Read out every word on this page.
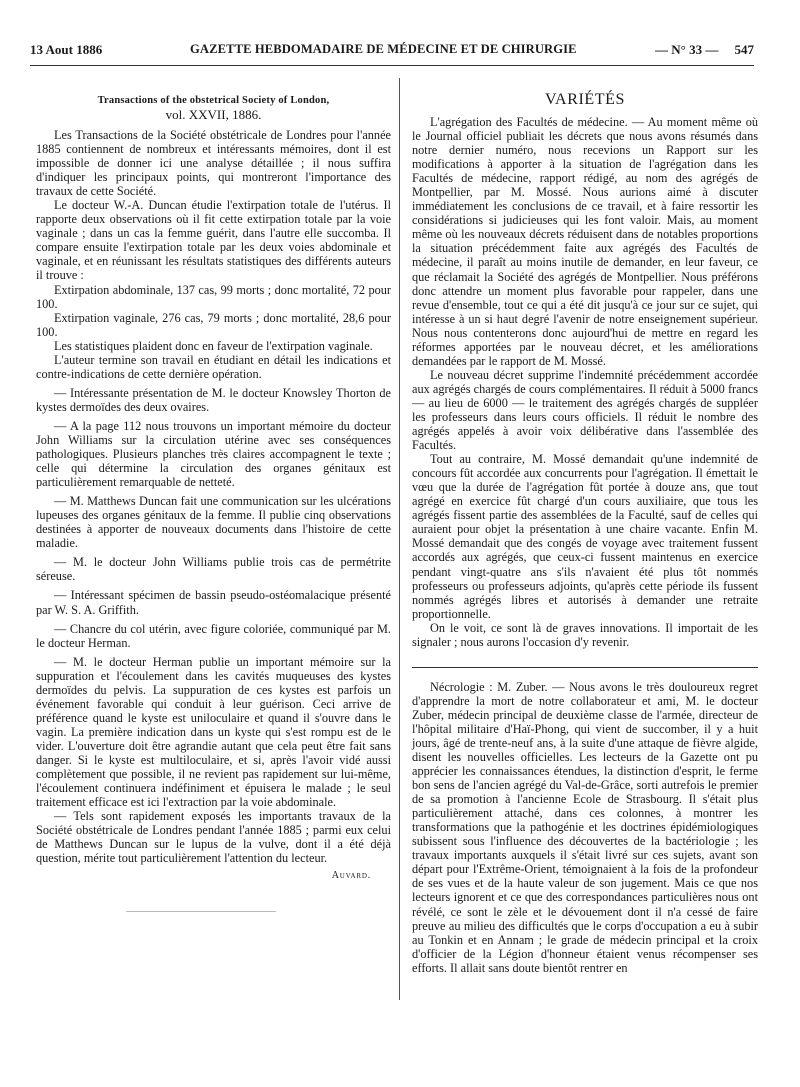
13 Aout 1886	GAZETTE HEBDOMADAIRE DE MÉDECINE ET DE CHIRURGIE	— N° 33 — 547
Transactions of the obstetrical Society of London,
vol. XXVII, 1886.

Les Transactions de la Société obstétricale de Londres pour l'année 1885 contiennent de nombreux et intéressants mémoires, dont il est impossible de donner ici une analyse détaillée ; il nous suffira d'indiquer les principaux points, qui montreront l'importance des travaux de cette Société.

Le docteur W.-A. Duncan étudie l'extirpation totale de l'utérus. Il rapporte deux observations où il fit cette extirpation totale par la voie vaginale ; dans un cas la femme guérit, dans l'autre elle succomba. Il compare ensuite l'extirpation totale par les deux voies abdominale et vaginale, et en réunissant les résultats statistiques des différents auteurs il trouve :

Extirpation abdominale, 137 cas, 99 morts ; donc mortalité, 72 pour 100.

Extirpation vaginale, 276 cas, 79 morts ; donc mortalité, 28,6 pour 100.

Les statistiques plaident donc en faveur de l'extirpation vaginale.

L'auteur termine son travail en étudiant en détail les indications et contre-indications de cette dernière opération.

— Intéressante présentation de M. le docteur Knowsley Thorton de kystes dermoïdes des deux ovaires.

— A la page 112 nous trouvons un important mémoire du docteur John Williams sur la circulation utérine avec ses conséquences pathologiques. Plusieurs planches très claires accompagnent le texte ; celle qui détermine la circulation des organes génitaux est particulièrement remarquable de netteté.

— M. Matthews Duncan fait une communication sur les ulcérations lupeuses des organes génitaux de la femme. Il publie cinq observations destinées à apporter de nouveaux documents dans l'histoire de cette maladie.

— M. le docteur John Williams publie trois cas de permétrite séreuse.

— Intéressant spécimen de bassin pseudo-ostéomalacique présenté par W. S. A. Griffith.

— Chancre du col utérin, avec figure coloriée, communiqué par M. le docteur Herman.

— M. le docteur Herman publie un important mémoire sur la suppuration et l'écoulement dans les cavités muqueuses des kystes dermoïdes du pelvis. La suppuration de ces kystes est parfois un événement favorable qui conduit à leur guérison. Ceci arrive de préférence quand le kyste est uniloculaire et quand il s'ouvre dans le vagin. La première indication dans un kyste qui s'est rompu est de le vider. L'ouverture doit être agrandie autant que cela peut être fait sans danger. Si le kyste est multiloculaire, et si, après l'avoir vidé aussi complètement que possible, il ne revient pas rapidement sur lui-même, l'écoulement continuera indéfiniment et épuisera le malade ; le seul traitement efficace est ici l'extraction par la voie abdominale.

— Tels sont rapidement exposés les importants travaux de la Société obstétricale de Londres pendant l'année 1885 ; parmi eux celui de Matthews Duncan sur le lupus de la vulve, dont il a été déjà question, mérite tout particulièrement l'attention du lecteur.

Auvard.
VARIÉTÉS

L'agrégation des Facultés de médecine. — Au moment même où le Journal officiel publiait les décrets que nous avons résumés dans notre dernier numéro, nous recevions un Rapport sur les modifications à apporter à la situation de l'agrégation dans les Facultés de médecine, rapport rédigé, au nom des agrégés de Montpellier, par M. Mossé. Nous aurions aimé à discuter immédiatement les conclusions de ce travail, et à faire ressortir les considérations si judicieuses qui les font valoir. Mais, au moment même où les nouveaux décrets réduisent dans de notables proportions la situation précédemment faite aux agrégés des Facultés de médecine, il paraît au moins inutile de demander, en leur faveur, ce que réclamait la Société des agrégés de Montpellier. Nous préférons donc attendre un moment plus favorable pour rappeler, dans une revue d'ensemble, tout ce qui a été dit jusqu'à ce jour sur ce sujet, qui intéresse à un si haut degré l'avenir de notre enseignement supérieur. Nous nous contenterons donc aujourd'hui de mettre en regard les réformes apportées par le nouveau décret, et les améliorations demandées par le rapport de M. Mossé.

Le nouveau décret supprime l'indemnité précédemment accordée aux agrégés chargés de cours complémentaires. Il réduit à 5000 francs — au lieu de 6000 — le traitement des agrégés chargés de suppléer les professeurs dans leurs cours officiels. Il réduit le nombre des agrégés appelés à avoir voix délibérative dans l'assemblée des Facultés.

Tout au contraire, M. Mossé demandait qu'une indemnité de concours fût accordée aux concurrents pour l'agrégation. Il émettait le vœu que la durée de l'agrégation fût portée à douze ans, que tout agrégé en exercice fût chargé d'un cours auxiliaire, que tous les agrégés fissent partie des assemblées de la Faculté, sauf de celles qui auraient pour objet la présentation à une chaire vacante. Enfin M. Mossé demandait que des congés de voyage avec traitement fussent accordés aux agrégés, que ceux-ci fussent maintenus en exercice pendant vingt-quatre ans s'ils n'avaient été plus tôt nommés professeurs ou professeurs adjoints, qu'après cette période ils fussent nommés agrégés libres et autorisés à demander une retraite proportionnelle.

On le voit, ce sont là de graves innovations. Il importait de les signaler ; nous aurons l'occasion d'y revenir.

Nécrologie : M. Zuber. — Nous avons le très douloureux regret d'apprendre la mort de notre collaborateur et ami, M. le docteur Zuber, médecin principal de deuxième classe de l'armée, directeur de l'hôpital militaire d'Haï-Phong, qui vient de succomber, il y a huit jours, âgé de trente-neuf ans, à la suite d'une attaque de fièvre algide, disent les nouvelles officielles. Les lecteurs de la Gazette ont pu apprécier les connaissances étendues, la distinction d'esprit, le ferme bon sens de l'ancien agrégé du Val-de-Grâce, sorti autrefois le premier de sa promotion à l'ancienne Ecole de Strasbourg. Il s'était plus particulièrement attaché, dans ces colonnes, à montrer les transformations que la pathogénie et les doctrines épidémiologiques subissent sous l'influence des découvertes de la bactériologie ; les travaux importants auxquels il s'était livré sur ces sujets, avant son départ pour l'Extrême-Orient, témoignaient à la fois de la profondeur de ses vues et de la haute valeur de son jugement. Mais ce que nos lecteurs ignorent et ce que des correspondances particulières nous ont révélé, ce sont le zèle et le dévouement dont il n'a cessé de faire preuve au milieu des difficultés que le corps d'occupation a eu à subir au Tonkin et en Annam ; le grade de médecin principal et la croix d'officier de la Légion d'honneur étaient venus récompenser ses efforts. Il allait sans doute bientôt rentrer en
